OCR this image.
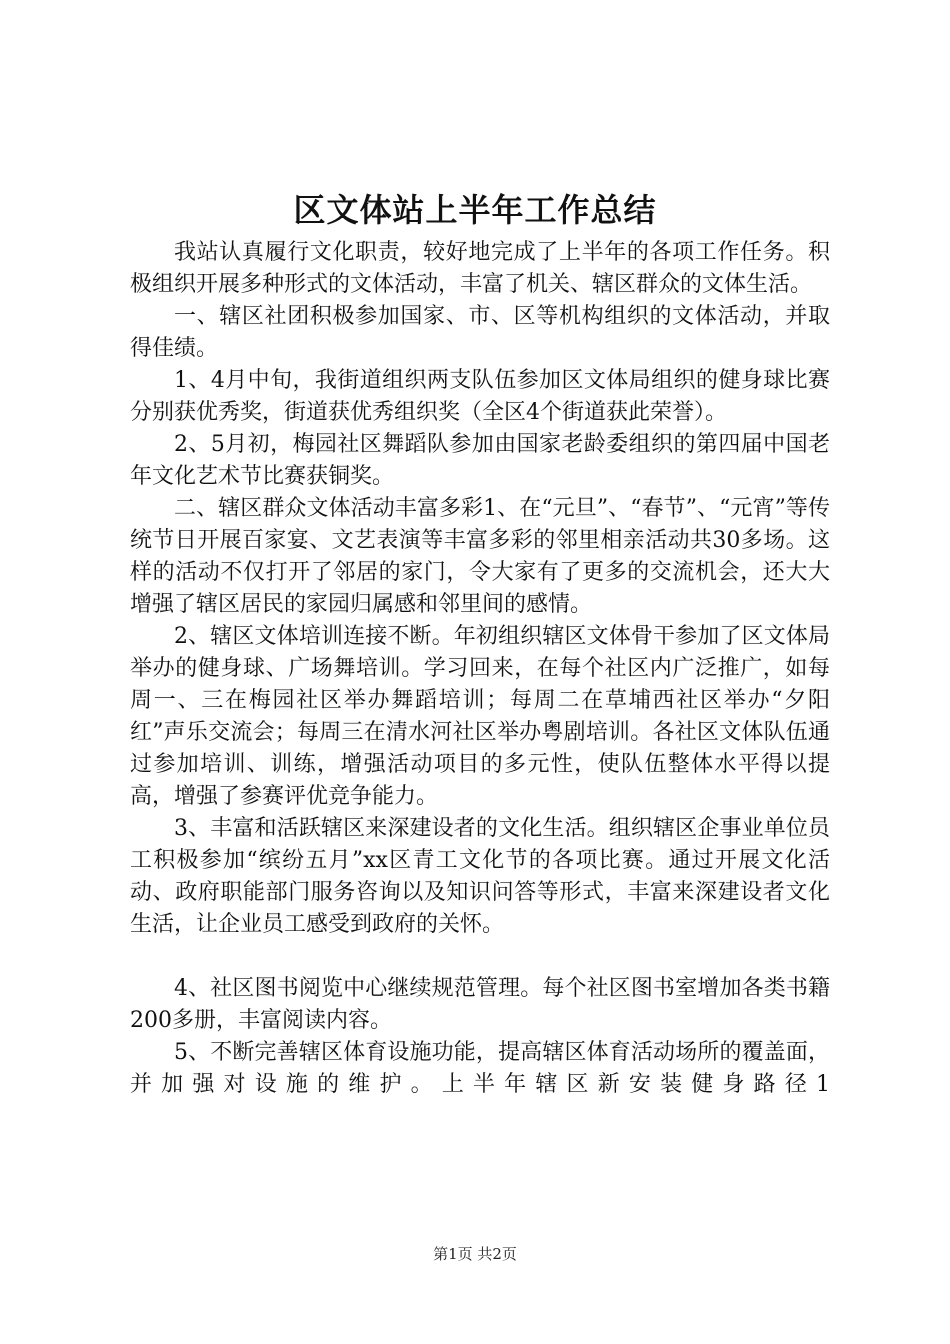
区文体站上半年工作总结

我站认真履行文化职责，较好地完成了上半年的各项工作任务。积极组织开展多种形式的文体活动，丰富了机关、辖区群众的文体生活。

一、辖区社团积极参加国家、市、区等机构组织的文体活动，并取得佳绩。

1、4月中旬，我街道组织两支队伍参加区文体局组织的健身球比赛分别获优秀奖，街道获优秀组织奖（全区4个街道获此荣誉）。

2、5月初，梅园社区舞蹈队参加由国家老龄委组织的第四届中国老年文化艺术节比赛获铜奖。

二、辖区群众文体活动丰富多彩1、在“元旦”、“春节”、“元宵”等传统节日开展百家宴、文艺表演等丰富多彩的邻里相亲活动共30多场。这样的活动不仅打开了邻居的家门，令大家有了更多的交流机会，还大大增强了辖区居民的家园归属感和邻里间的感情。

2、辖区文体培训连接不断。年初组织辖区文体骨干参加了区文体局举办的健身球、广场舞培训。学习回来，在每个社区内广泛推广，如每周一、三在梅园社区举办舞蹈培训；每周二在草埔西社区举办“夕阳红”声乐交流会；每周三在清水河社区举办粤剧培训。各社区文体队伍通过参加培训、训练，增强活动项目的多元性，使队伍整体水平得以提高，增强了参赛评优竞争能力。

3、丰富和活跃辖区来深建设者的文化生活。组织辖区企事业单位员工积极参加“缤纷五月”xx区青工文化节的各项比赛。通过开展文化活动、政府职能部门服务咨询以及知识问答等形式，丰富来深建设者文化生活，让企业员工感受到政府的关怀。

4、社区图书阅览中心继续规范管理。每个社区图书室增加各类书籍200多册，丰富阅读内容。

5、不断完善辖区体育设施功能，提高辖区体育活动场所的覆盖面，并加强对设施的维护。上半年辖区新安装健身路径1

第1页 共2页
